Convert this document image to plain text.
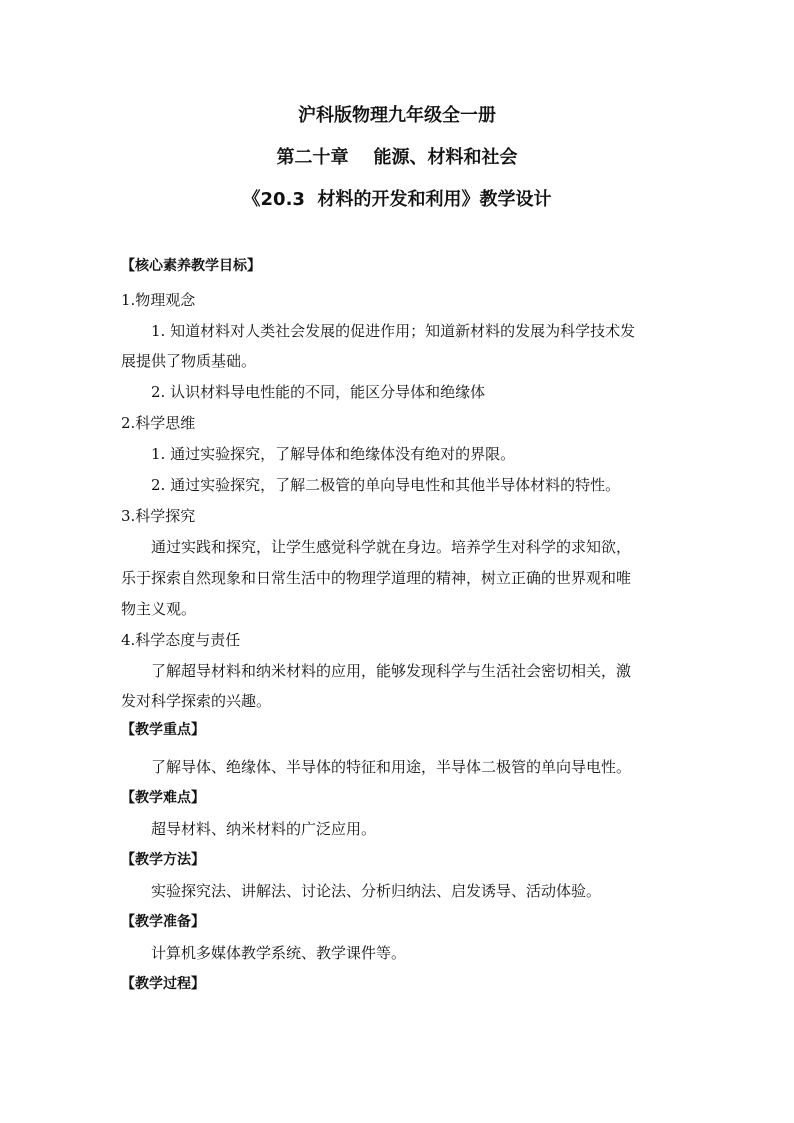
沪科版物理九年级全一册
第二十章    能源、材料和社会
《20.3  材料的开发和利用》教学设计
【核心素养教学目标】
1.物理观念
1. 知道材料对人类社会发展的促进作用；知道新材料的发展为科学技术发
展提供了物质基础。
2. 认识材料导电性能的不同，能区分导体和绝缘体
2.科学思维
1. 通过实验探究，了解导体和绝缘体没有绝对的界限。
2. 通过实验探究，了解二极管的单向导电性和其他半导体材料的特性。
3.科学探究
通过实践和探究，让学生感觉科学就在身边。培养学生对科学的求知欲，
乐于探索自然现象和日常生活中的物理学道理的精神，树立正确的世界观和唯
物主义观。
4.科学态度与责任
了解超导材料和纳米材料的应用，能够发现科学与生活社会密切相关，激
发对科学探索的兴趣。
【教学重点】
了解导体、绝缘体、半导体的特征和用途，半导体二极管的单向导电性。
【教学难点】
超导材料、纳米材料的广泛应用。
【教学方法】
实验探究法、讲解法、讨论法、分析归纳法、启发诱导、活动体验。
【教学准备】
计算机多媒体教学系统、教学课件等。
【教学过程】
